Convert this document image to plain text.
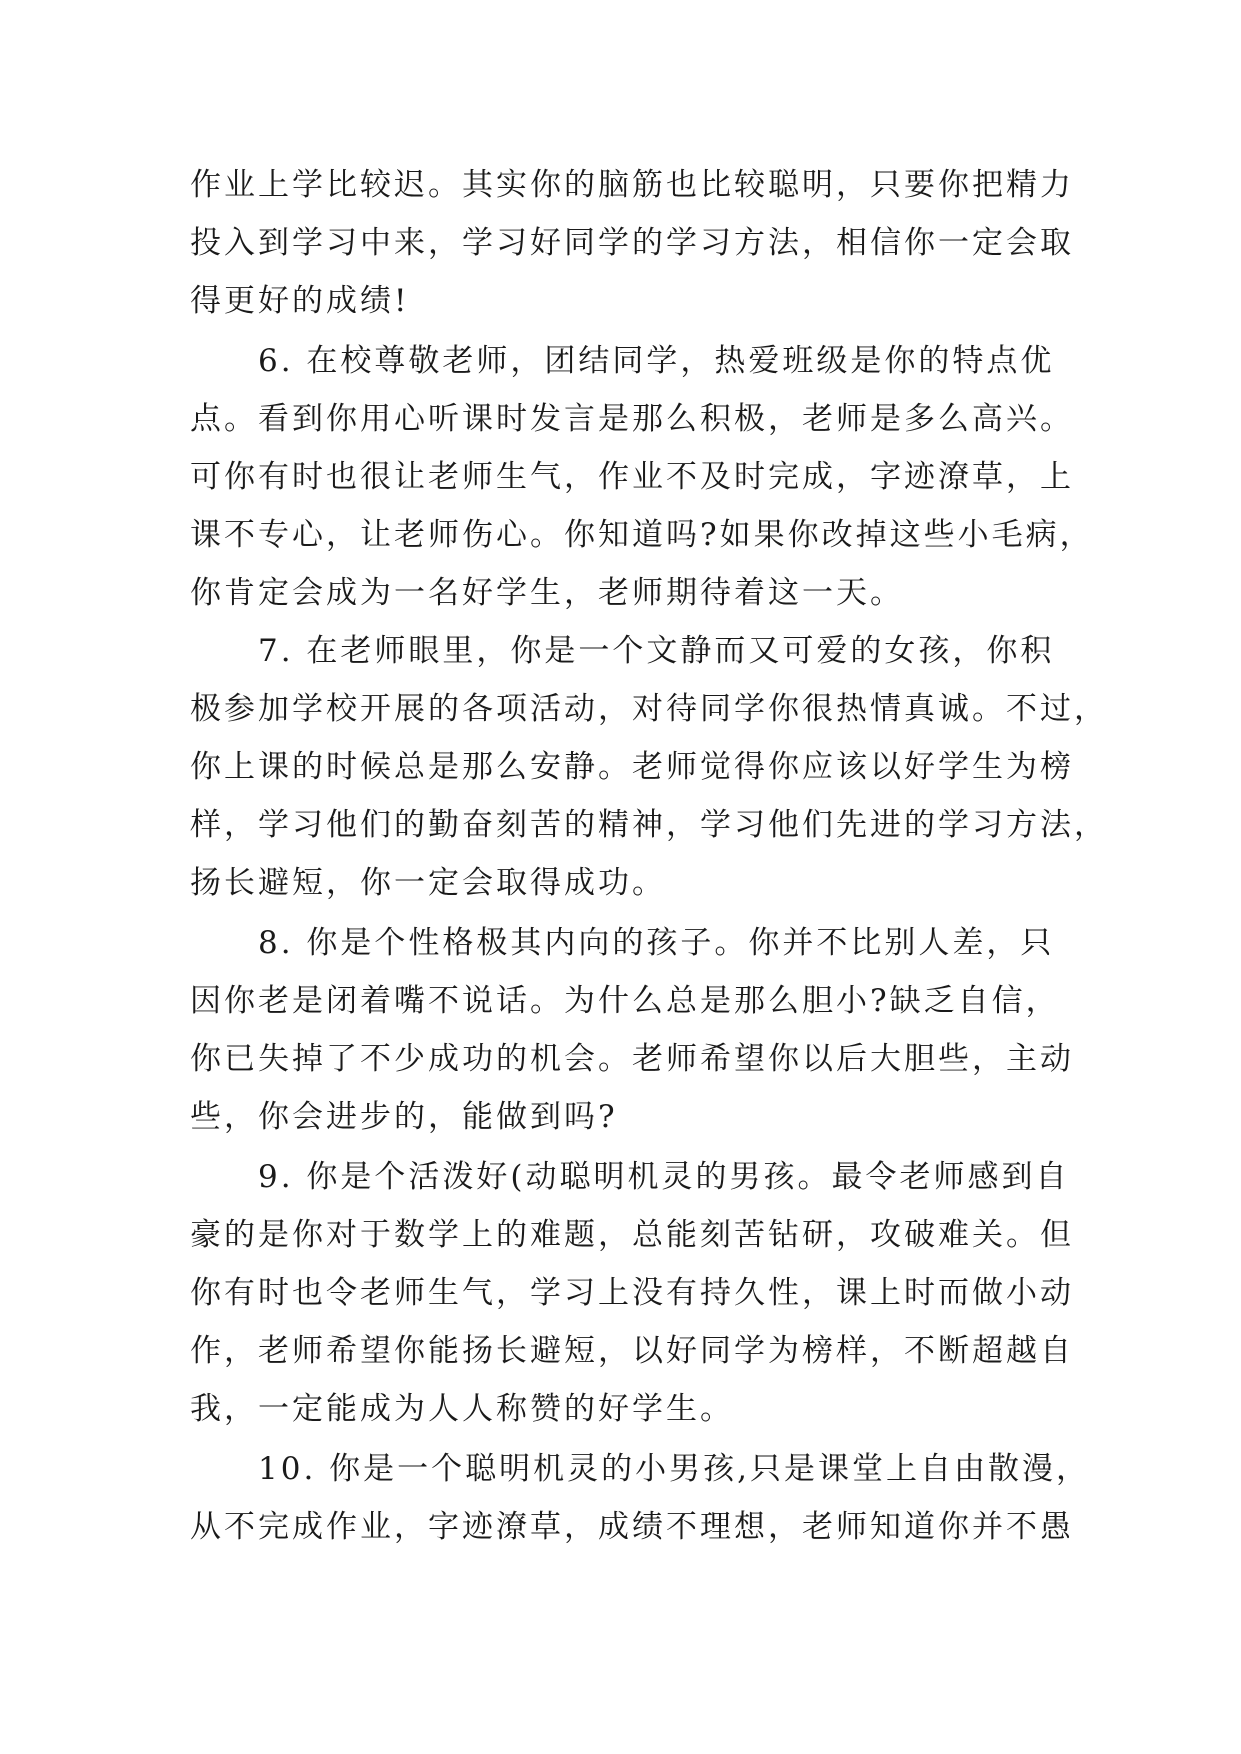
作业上学比较迟。其实你的脑筋也比较聪明，只要你把精力
投入到学习中来，学习好同学的学习方法，相信你一定会取
得更好的成绩!
6. 在校尊敬老师，团结同学，热爱班级是你的特点优
点。看到你用心听课时发言是那么积极，老师是多么高兴。
可你有时也很让老师生气，作业不及时完成，字迹潦草，上
课不专心，让老师伤心。你知道吗?如果你改掉这些小毛病，
你肯定会成为一名好学生，老师期待着这一天。
7. 在老师眼里，你是一个文静而又可爱的女孩，你积
极参加学校开展的各项活动，对待同学你很热情真诚。不过，
你上课的时候总是那么安静。老师觉得你应该以好学生为榜
样，学习他们的勤奋刻苦的精神，学习他们先进的学习方法，
扬长避短，你一定会取得成功。
8. 你是个性格极其内向的孩子。你并不比别人差，只
因你老是闭着嘴不说话。为什么总是那么胆小?缺乏自信，
你已失掉了不少成功的机会。老师希望你以后大胆些，主动
些，你会进步的，能做到吗?
9. 你是个活泼好(动聪明机灵的男孩。最令老师感到自
豪的是你对于数学上的难题，总能刻苦钻研，攻破难关。但
你有时也令老师生气，学习上没有持久性，课上时而做小动
作，老师希望你能扬长避短，以好同学为榜样，不断超越自
我，一定能成为人人称赞的好学生。
10. 你是一个聪明机灵的小男孩,只是课堂上自由散漫，
从不完成作业，字迹潦草，成绩不理想，老师知道你并不愚
